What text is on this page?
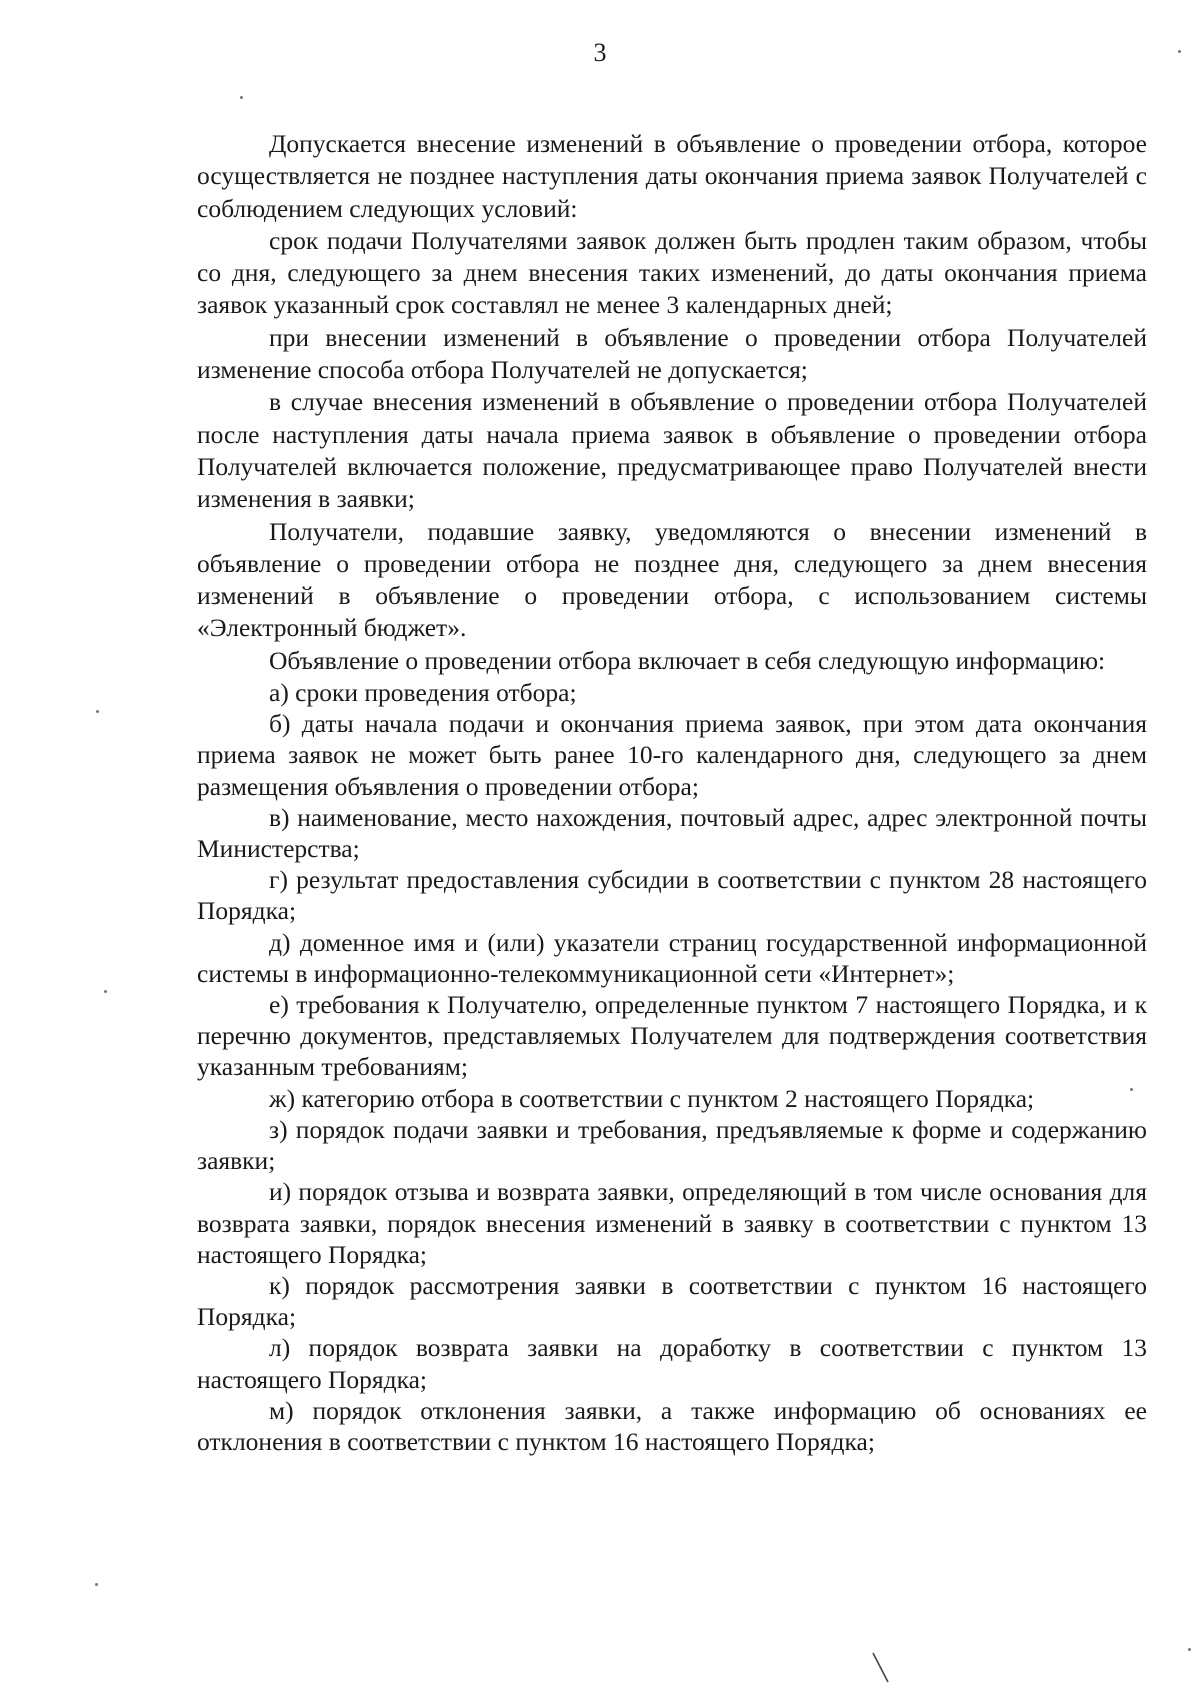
3

Допускается внесение изменений в объявление о проведении отбора, которое осуществляется не позднее наступления даты окончания приема заявок Получателей с соблюдением следующих условий:

срок подачи Получателями заявок должен быть продлен таким образом, чтобы со дня, следующего за днем внесения таких изменений, до даты окончания приема заявок указанный срок составлял не менее 3 календарных дней;

при внесении изменений в объявление о проведении отбора Получателей изменение способа отбора Получателей не допускается;

в случае внесения изменений в объявление о проведении отбора Получателей после наступления даты начала приема заявок в объявление о проведении отбора Получателей включается положение, предусматривающее право Получателей внести изменения в заявки;

Получатели, подавшие заявку, уведомляются о внесении изменений в объявление о проведении отбора не позднее дня, следующего за днем внесения изменений в объявление о проведении отбора, с использованием системы «Электронный бюджет».

Объявление о проведении отбора включает в себя следующую информацию:

а) сроки проведения отбора;

б) даты начала подачи и окончания приема заявок, при этом дата окончания приема заявок не может быть ранее 10-го календарного дня, следующего за днем размещения объявления о проведении отбора;

в) наименование, место нахождения, почтовый адрес, адрес электронной почты Министерства;

г) результат предоставления субсидии в соответствии с пунктом 28 настоящего Порядка;

д) доменное имя и (или) указатели страниц государственной информационной системы в информационно-телекоммуникационной сети «Интернет»;

е) требования к Получателю, определенные пунктом 7 настоящего Порядка, и к перечню документов, представляемых Получателем для подтверждения соответствия указанным требованиям;

ж) категорию отбора в соответствии с пунктом 2 настоящего Порядка;

з) порядок подачи заявки и требования, предъявляемые к форме и содержанию заявки;

и) порядок отзыва и возврата заявки, определяющий в том числе основания для возврата заявки, порядок внесения изменений в заявку в соответствии с пунктом 13 настоящего Порядка;

к) порядок рассмотрения заявки в соответствии с пунктом 16 настоящего Порядка;

л) порядок возврата заявки на доработку в соответствии с пунктом 13 настоящего Порядка;

м) порядок отклонения заявки, а также информацию об основаниях ее отклонения в соответствии с пунктом 16 настоящего Порядка;
